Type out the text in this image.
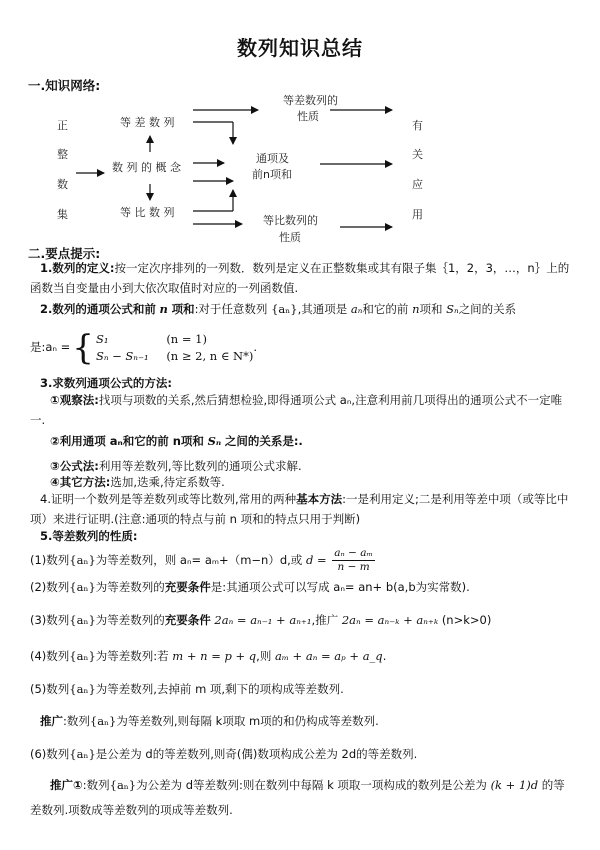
数列知识总结
一.知识网络:
正
整
数
集
等 差 数 列
数 列 的 概 念
等 比 数 列
通项及
前n项和
等差数列的
性质
等比数列的
性质
有
关
应
用
二.要点提示:
1.数列的定义:按一定次序排列的一列数．数列是定义在正整数集或其有限子集｛1，2，3，…，n｝上的函数当自变量由小到大依次取值时对应的一列函数值.
2.数列的通项公式和前 n 项和:对于任意数列 {aₙ},其通项是 aₙ和它的前 n项和 Sₙ之间的关系
是:aₙ ={ S₁
Sₙ − Sₙ₋₁

(n = 1)
(n ≥ 2, n ∈ N*)
.
3.求数列通项公式的方法:
①观察法:找项与项数的关系,然后猜想检验,即得通项公式 aₙ,注意利用前几项得出的通项公式不一定唯一.
②利用通项 aₙ和它的前 n项和 Sₙ 之间的关系是:.
③公式法:利用等差数列,等比数列的通项公式求解.
④其它方法:选加,迭乘,待定系数等.
4.证明一个数列是等差数列或等比数列,常用的两种基本方法:一是利用定义;二是利用等差中项（或等比中项）来进行证明.(注意:通项的特点与前 n 项和的特点只用于判断)
5.等差数列的性质:
(1)数列{aₙ}为等差数列，则 aₙ= aₘ+（m−n）d,或 $d = \frac{\text{aₙ − aₘ}}{n - m}$
(2)数列{aₙ}为等差数列的充要条件是:其通项公式可以写成 aₙ= an+ b(a,b为实常数).
(3)数列{aₙ}为等差数列的充要条件 2aₙ = aₙ₋₁ + aₙ₊₁,推广 2aₙ = aₙ₋ₖ + aₙ₊ₖ (n>k>0)
(4)数列{aₙ}为等差数列:若 m + n = p + q,则 aₘ + aₙ = aₚ + a_q.
(5)数列{aₙ}为等差数列,去掉前 m 项,剩下的项构成等差数列.
推广:数列{aₙ}为等差数列,则每隔 k项取 m项的和仍构成等差数列.
(6)数列{aₙ}是公差为 d的等差数列,则奇(偶)数项构成公差为 2d的等差数列.
推广①:数列{aₙ}为公差为 d等差数列:则在数列中每隔 k 项取一项构成的数列是公差为 (k + 1)d 的等差数列.项数成等差数列的项成等差数列.
